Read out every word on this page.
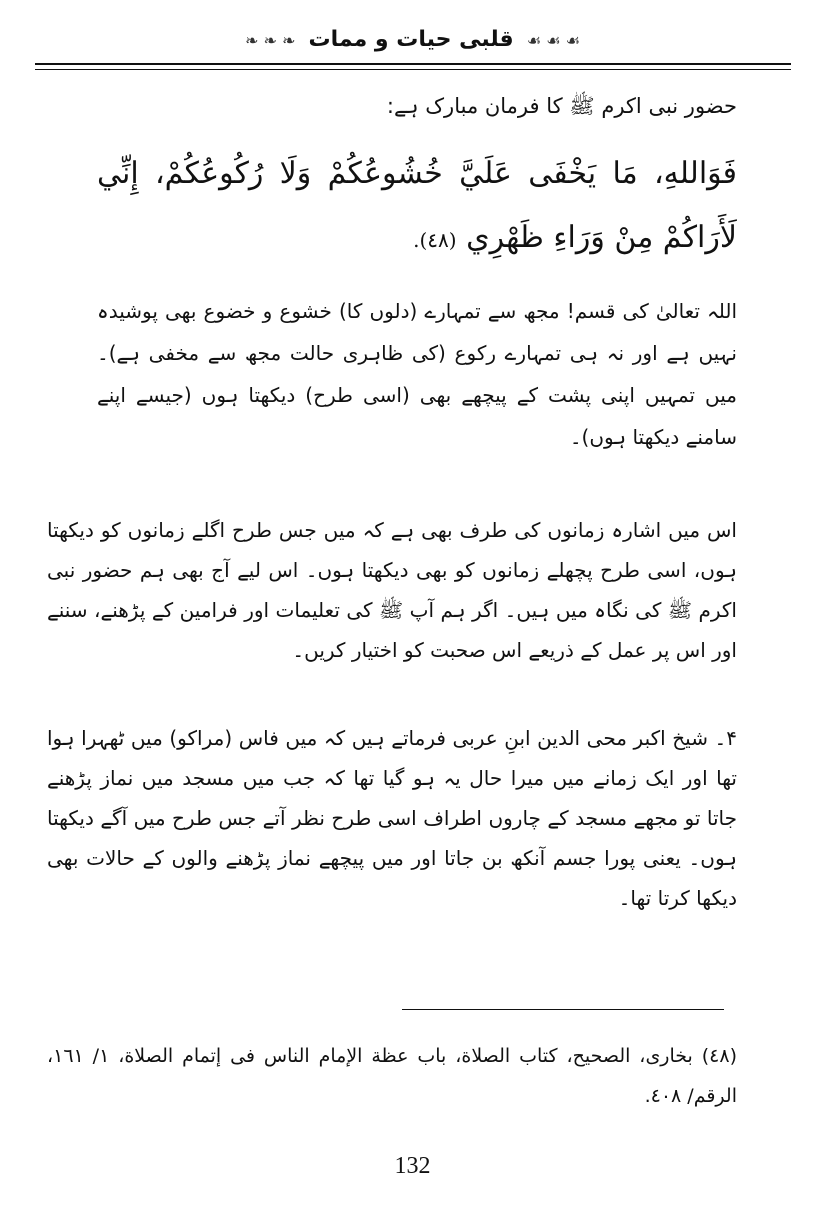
❧ ❧ ❧ قلبی حیات و ممات ☙ ☙ ☙

حضور نبی اکرم ﷺ کا فرمان مبارک ہے:

فَوَاللهِ، مَا يَخْفَى عَلَيَّ خُشُوعُكُمْ وَلَا رُكُوعُكُمْ، إِنِّي لَأَرَاكُمْ مِنْ وَرَاءِ ظَهْرِي (٤٨).

اللہ تعالیٰ کی قسم! مجھ سے تمہارے (دلوں کا) خشوع و خضوع بھی پوشیدہ نہیں ہے اور نہ ہی تمہارے رکوع (کی ظاہری حالت مجھ سے مخفی ہے)۔ میں تمہیں اپنی پشت کے پیچھے بھی (اسی طرح) دیکھتا ہوں (جیسے اپنے سامنے دیکھتا ہوں)۔

اس میں اشارہ زمانوں کی طرف بھی ہے کہ میں جس طرح اگلے زمانوں کو دیکھتا ہوں، اسی طرح پچھلے زمانوں کو بھی دیکھتا ہوں۔ اس لیے آج بھی ہم حضور نبی اکرم ﷺ کی نگاہ میں ہیں۔ اگر ہم آپ ﷺ کی تعلیمات اور فرامین کے پڑھنے، سننے اور اس پر عمل کے ذریعے اس صحبت کو اختیار کریں۔

۴۔ شیخ اکبر محی الدین ابنِ عربی فرماتے ہیں کہ میں فاس (مراکو) میں ٹھہرا ہوا تھا اور ایک زمانے میں میرا حال یہ ہو گیا تھا کہ جب میں مسجد میں نماز پڑھنے جاتا تو مجھے مسجد کے چاروں اطراف اسی طرح نظر آتے جس طرح میں آگے دیکھتا ہوں۔ یعنی پورا جسم آنکھ بن جاتا اور میں پیچھے نماز پڑھنے والوں کے حالات بھی دیکھا کرتا تھا۔

(٤٨) بخاری، الصحیح، کتاب الصلاة، باب عظة الإمام الناس فی إتمام الصلاة، ١/ ١٦١، الرقم/ ٤٠٨.

132
